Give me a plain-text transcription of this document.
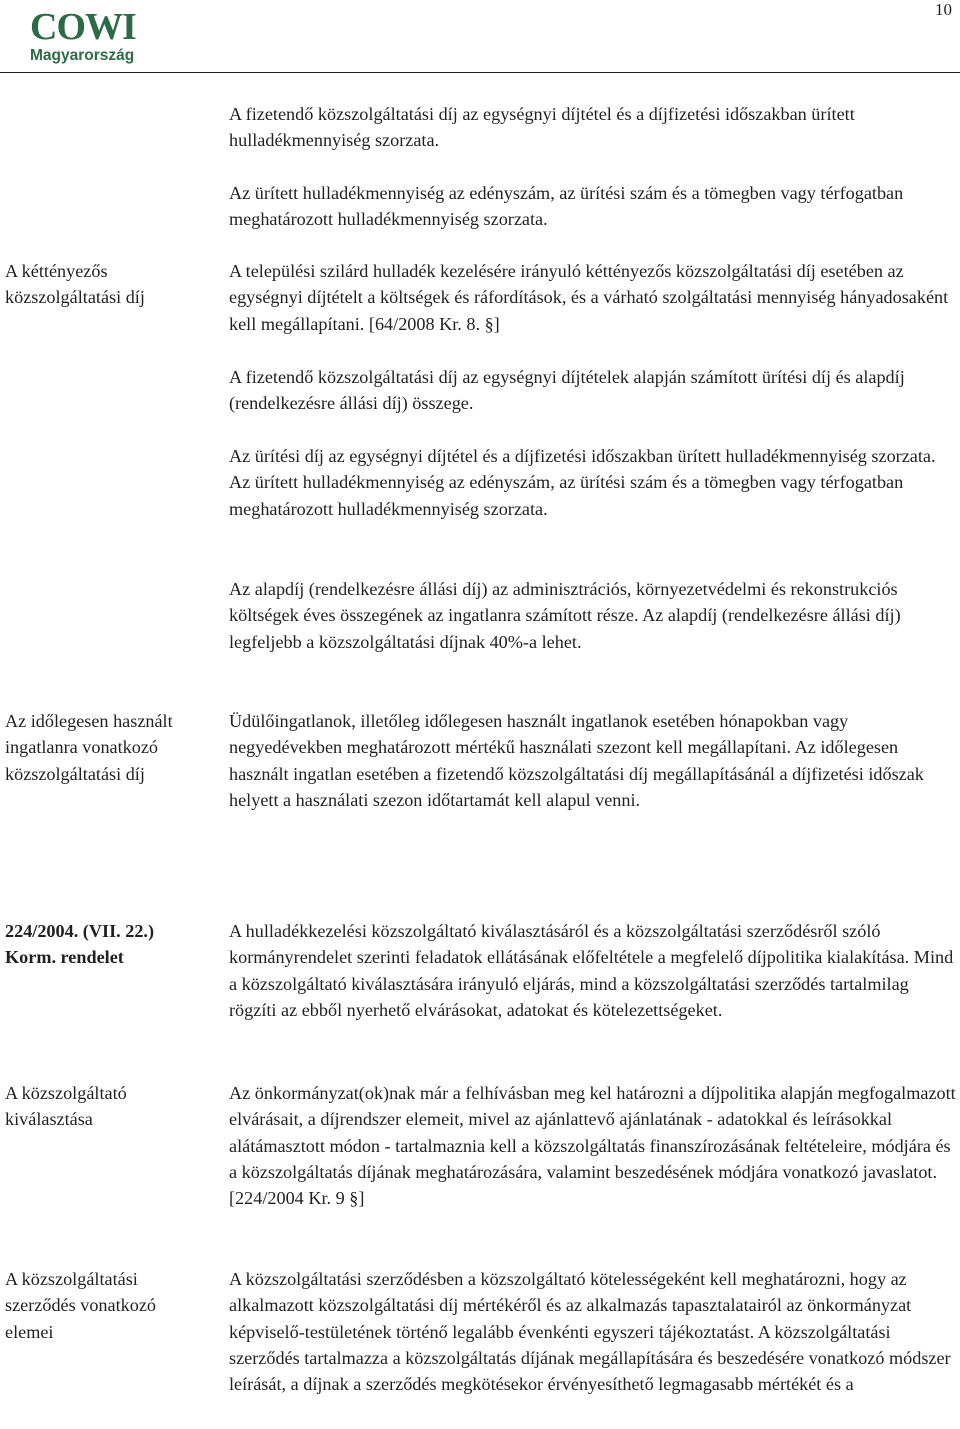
COWI
Magyarország
10

A fizetendő közszolgáltatási díj az egységnyi díjtétel és a díjfizetési időszakban ürített hulladékmennyiség szorzata.

Az ürített hulladékmennyiség az edényszám, az ürítési szám és a tömegben vagy térfogatban meghatározott hulladékmennyiség szorzata.

A kéttényezős közszolgáltatási díj

A települési szilárd hulladék kezelésére irányuló kéttényezős közszolgáltatási díj esetében az egységnyi díjtételt a költségek és ráfordítások, és a várható szolgáltatási mennyiség hányadosaként kell megállapítani. [64/2008 Kr. 8. §]

A fizetendő közszolgáltatási díj az egységnyi díjtételek alapján számított ürítési díj és alapdíj (rendelkezésre állási díj) összege.

Az ürítési díj az egységnyi díjtétel és a díjfizetési időszakban ürített hulladékmennyiség szorzata. Az ürített hulladékmennyiség az edényszám, az ürítési szám és a tömegben vagy térfogatban meghatározott hulladékmennyiség szorzata.

Az alapdíj (rendelkezésre állási díj) az adminisztrációs, környezetvédelmi és rekonstrukciós költségek éves összegének az ingatlanra számított része. Az alapdíj (rendelkezésre állási díj) legfeljebb a közszolgáltatási díjnak 40%-a lehet.

Az időlegesen használt ingatlanra vonatkozó közszolgáltatási díj

Üdülőingatlanok, illetőleg időlegesen használt ingatlanok esetében hónapokban vagy negyedévekben meghatározott mértékű használati szezont kell megállapítani. Az időlegesen használt ingatlan esetében a fizetendő közszolgáltatási díj megállapításánál a díjfizetési időszak helyett a használati szezon időtartamát kell alapul venni.

224/2004. (VII. 22.) Korm. rendelet

A hulladékkezelési közszolgáltató kiválasztásáról és a közszolgáltatási szerződésről szóló kormányrendelet szerinti feladatok ellátásának előfeltétele a megfelelő díjpolitika kialakítása. Mind a közszolgáltató kiválasztására irányuló eljárás, mind a közszolgáltatási szerződés tartalmilag rögzíti az ebből nyerhető elvárásokat, adatokat és kötelezettségeket.

A közszolgáltató kiválasztása

Az önkormányzat(ok)nak már a felhívásban meg kel határozni a díjpolitika alapján megfogalmazott elvárásait, a díjrendszer elemeit, mivel az ajánlattevő ajánlatának - adatokkal és leírásokkal alátámasztott módon - tartalmaznia kell a közszolgáltatás finanszírozásának feltételeire, módjára és a közszolgáltatás díjának meghatározására, valamint beszedésének módjára vonatkozó javaslatot. [224/2004 Kr. 9 §]

A közszolgáltatási szerződés vonatkozó elemei

A közszolgáltatási szerződésben a közszolgáltató kötelességeként kell meghatározni, hogy az alkalmazott közszolgáltatási díj mértékéről és az alkalmazás tapasztalatairól az önkormányzat képviselő-testületének történő legalább évenkénti egyszeri tájékoztatást. A közszolgáltatási szerződés tartalmazza a közszolgáltatás díjának megállapítására és beszedésére vonatkozó módszer leírását, a díjnak a szerződés megkötésekor érvényesíthető legmagasabb mértékét és a
